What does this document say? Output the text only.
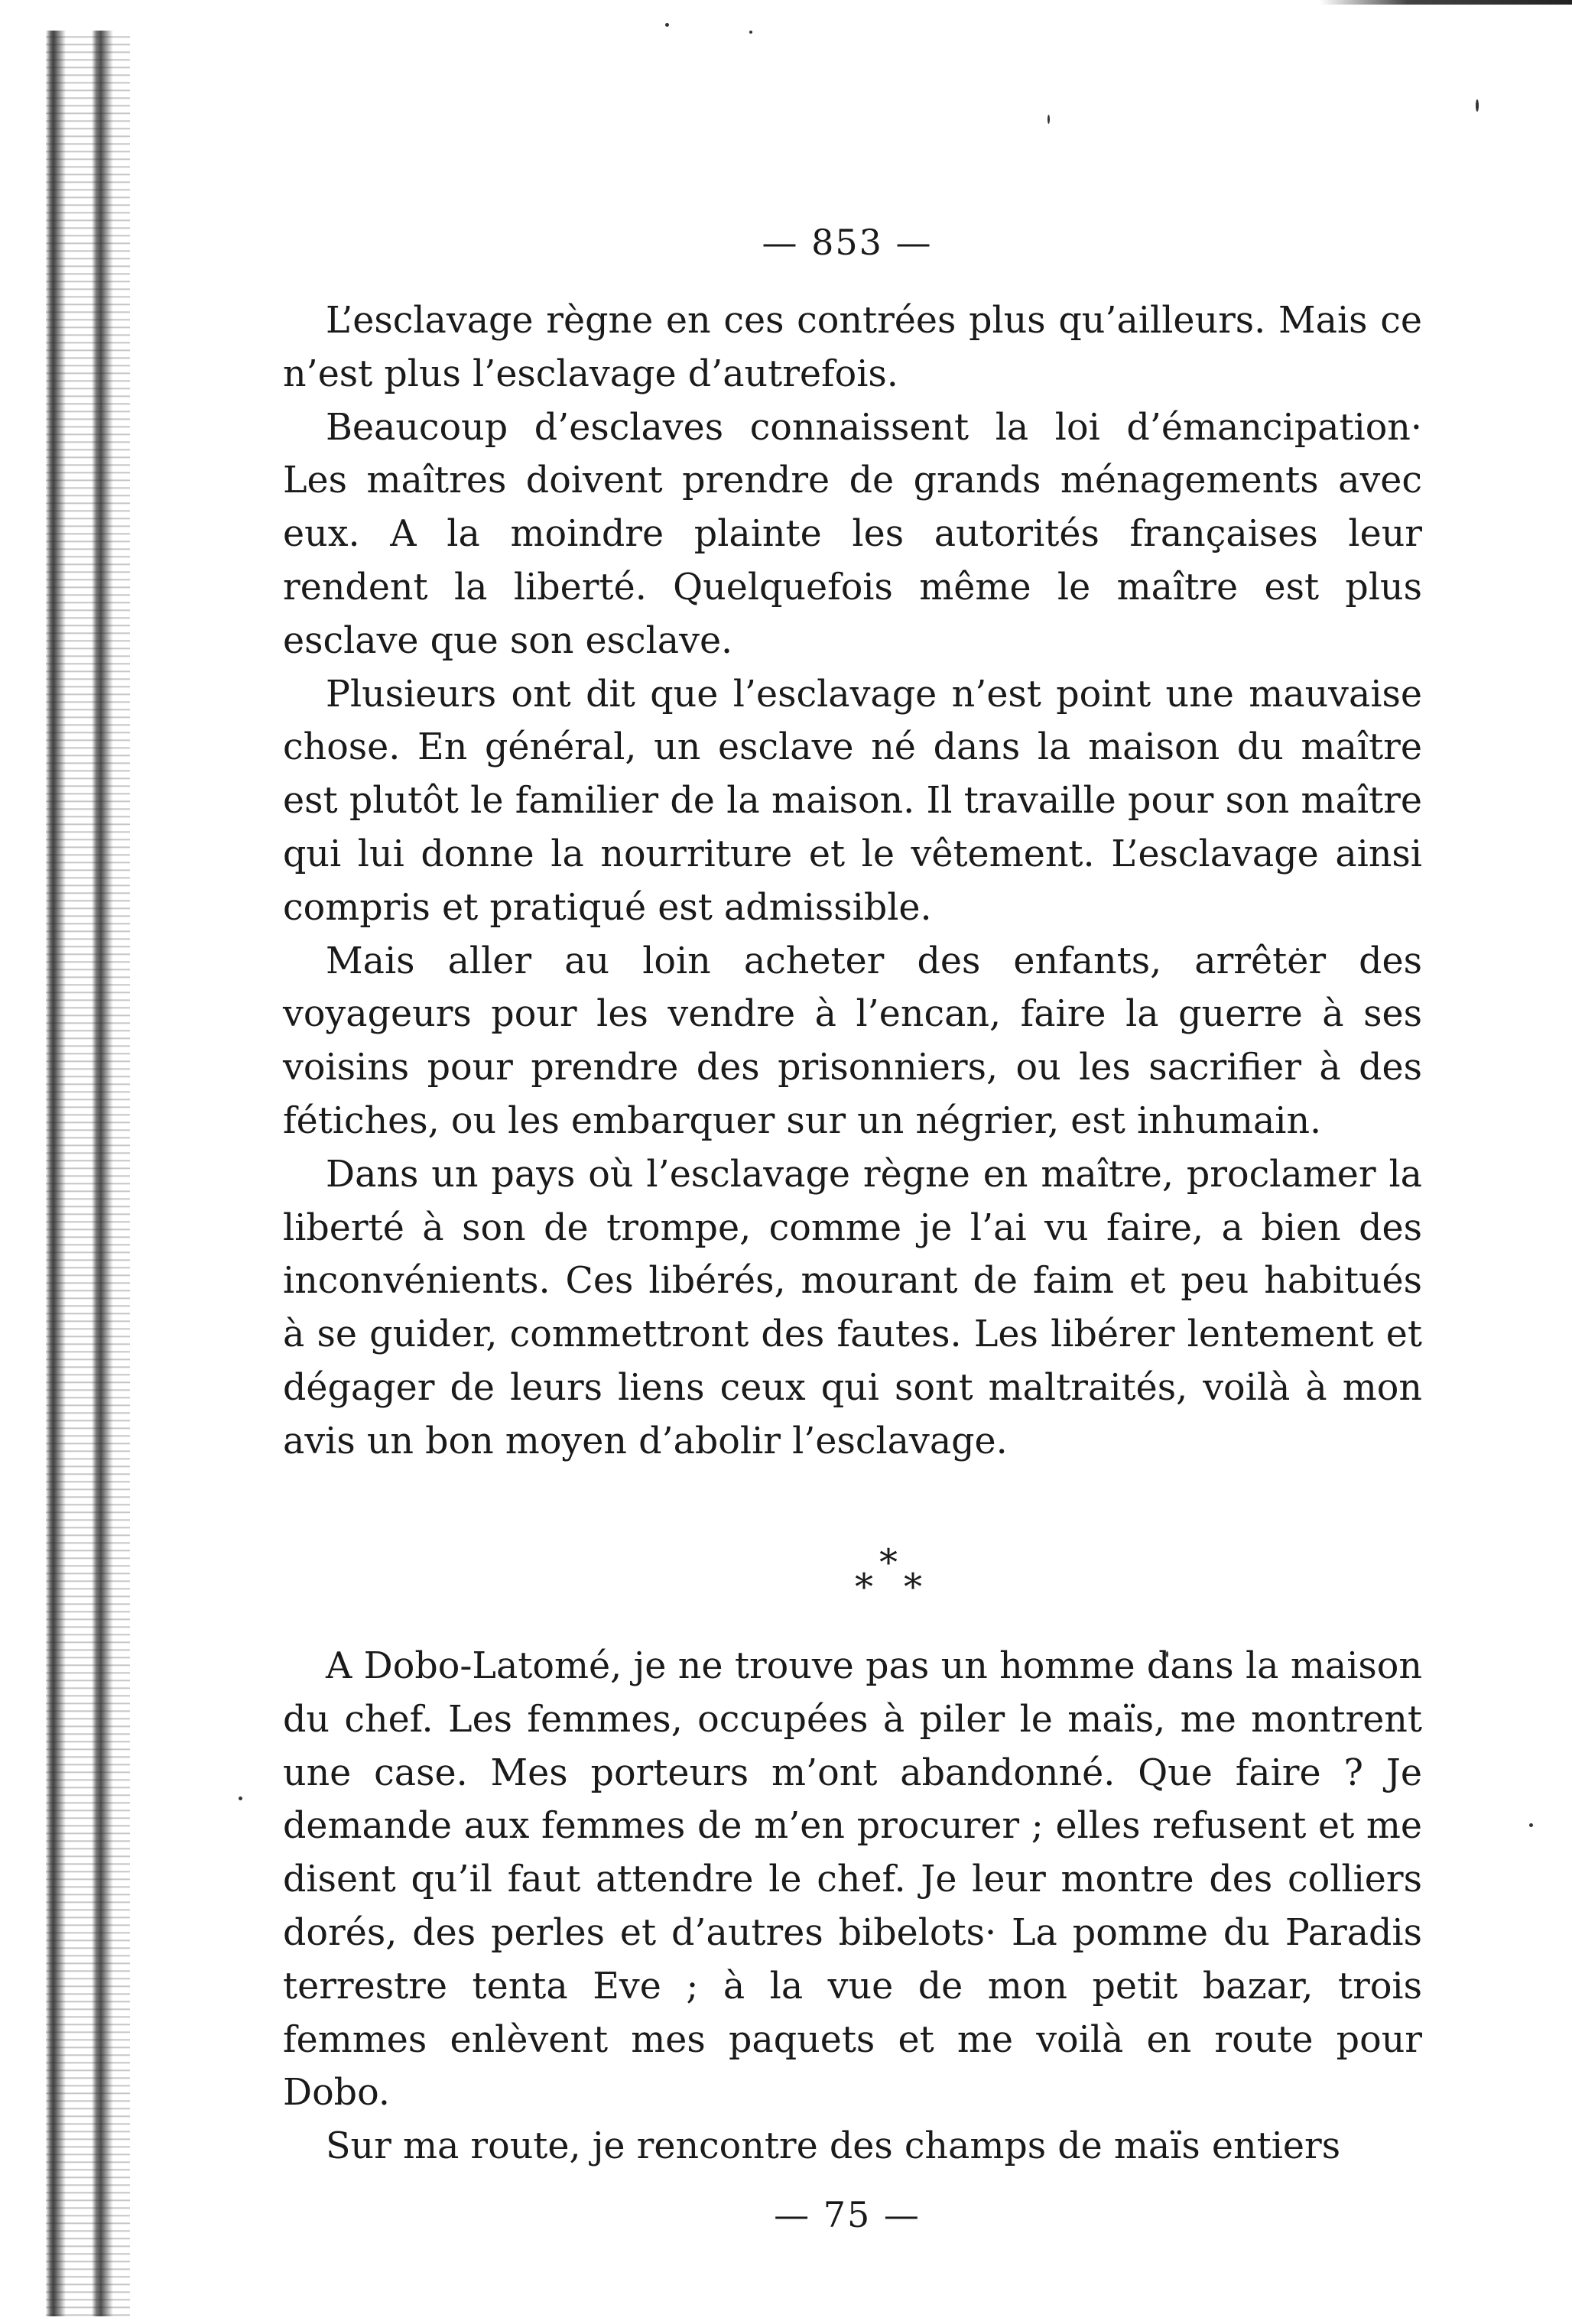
— 853 —

L’esclavage règne en ces contrées plus qu’ailleurs. Mais ce n’est plus l’esclavage d’autrefois.

Beaucoup d’esclaves connaissent la loi d’émancipation· Les maîtres doivent prendre de grands ménagements avec eux. A la moindre plainte les autorités françaises leur rendent la liberté. Quelquefois même le maître est plus esclave que son esclave.

Plusieurs ont dit que l’esclavage n’est point une mauvaise chose. En général, un esclave né dans la maison du maître est plutôt le familier de la maison. Il travaille pour son maître qui lui donne la nourriture et le vêtement. L’esclavage ainsi compris et pratiqué est admissible.

Mais aller au loin acheter des enfants, arrêter des voyageurs pour les vendre à l’encan, faire la guerre à ses voisins pour prendre des prisonniers, ou les sacrifier à des fétiches, ou les embarquer sur un négrier, est inhumain.

Dans un pays où l’esclavage règne en maître, proclamer la liberté à son de trompe, comme je l’ai vu faire, a bien des inconvénients. Ces libérés, mourant de faim et peu habitués à se guider, commettront des fautes. Les libérer lentement et dégager de leurs liens ceux qui sont maltraités, voilà à mon avis un bon moyen d’abolir l’esclavage.

*
* *

A Dobo-Latomé, je ne trouve pas un homme dans la maison du chef. Les femmes, occupées à piler le maïs, me montrent une case. Mes porteurs m’ont abandonné. Que faire ? Je demande aux femmes de m’en procurer ; elles refusent et me disent qu’il faut attendre le chef. Je leur montre des colliers dorés, des perles et d’autres bibelots· La pomme du Paradis terrestre tenta Eve ; à la vue de mon petit bazar, trois femmes enlèvent mes paquets et me voilà en route pour Dobo.

Sur ma route, je rencontre des champs de maïs entiers

— 75 —
